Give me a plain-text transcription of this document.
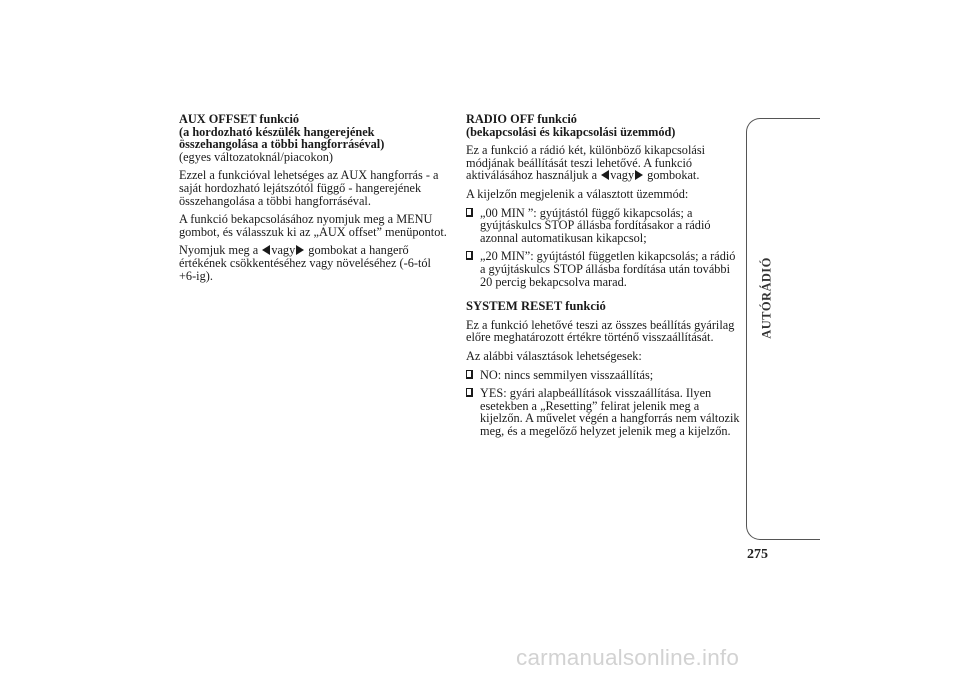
AUX OFFSET funkció
(a hordozható készülék hangerejének
összehangolása a többi hangforráséval)
(egyes változatoknál/piacokon)

Ezzel a funkcióval lehetséges az AUX hangforrás - a saját hordozható lejátszótól függő - hangerejének összehangolása a többi hangforráséval.

A funkció bekapcsolásához nyomjuk meg a MENU gombot, és válasszuk ki az „AUX offset” menüpontot.

Nyomjuk meg a vagy gombokat a hangerő értékének csökkentéséhez vagy növeléséhez (-6-tól +6-ig).

RADIO OFF funkció
(bekapcsolási és kikapcsolási üzemmód)

Ez a funkció a rádió két, különböző kikapcsolási módjának beállítását teszi lehetővé. A funkció aktiválásához használjuk a vagy gombokat.

A kijelzőn megjelenik a választott üzemmód:

„00 MIN ”: gyújtástól függő kikapcsolás; a gyújtáskulcs STOP állásba fordításakor a rádió azonnal automatikusan kikapcsol;
„20 MIN”: gyújtástól független kikapcsolás; a rádió a gyújtáskulcs STOP állásba fordítása után további 20 percig bekapcsolva marad.
SYSTEM RESET funkció

Ez a funkció lehetővé teszi az összes beállítás gyárilag előre meghatározott értékre történő visszaállítását.

Az alábbi választások lehetségesek:

NO: nincs semmilyen visszaállítás;
YES: gyári alapbeállítások visszaállítása. Ilyen esetekben a „Resetting” felirat jelenik meg a kijelzőn. A művelet végén a hangforrás nem változik meg, és a megelőző helyzet jelenik meg a kijelzőn.
AUTÓRÁDIÓ
275
carmanualsonline.info
